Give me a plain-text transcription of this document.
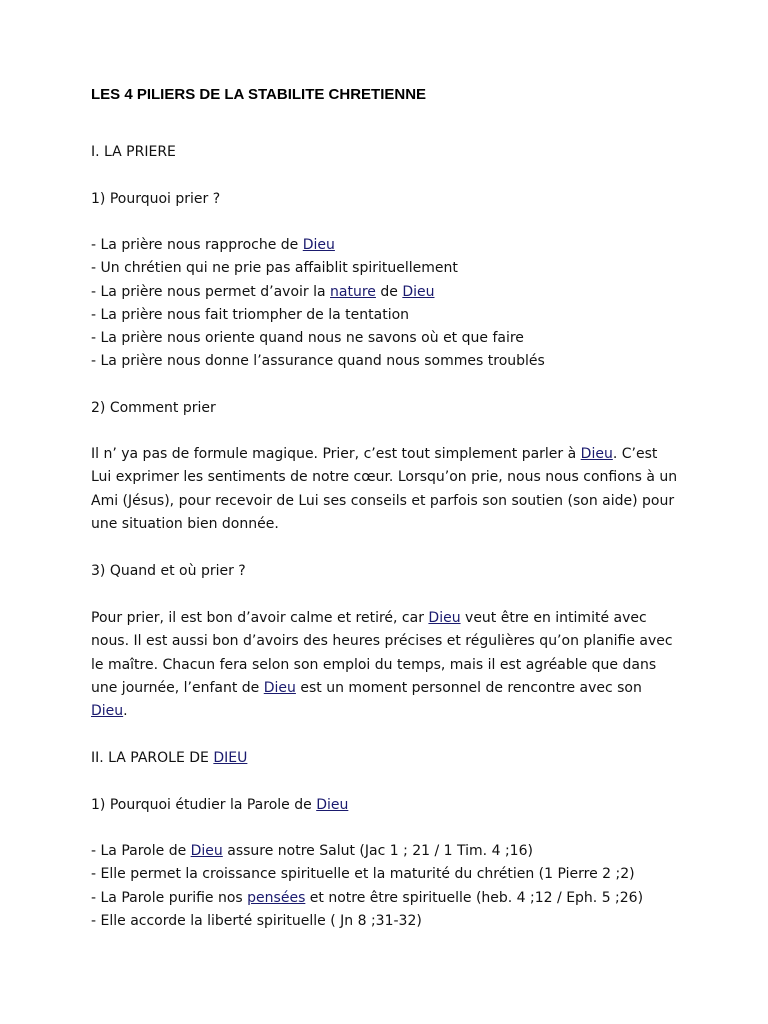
LES 4 PILIERS DE LA STABILITE CHRETIENNE
I. LA PRIERE
1) Pourquoi prier ?
- La prière nous rapproche de Dieu
- Un chrétien qui ne prie pas affaiblit spirituellement
- La prière nous permet d’avoir la nature de Dieu
- La prière nous fait triompher de la tentation
- La prière nous oriente quand nous ne savons où et que faire
- La prière nous donne l’assurance quand nous sommes troublés
2) Comment prier
Il n’ ya pas de formule magique. Prier, c’est tout simplement parler à Dieu. C’est Lui exprimer les sentiments de notre cœur. Lorsqu’on prie, nous nous confions à un Ami (Jésus), pour recevoir de Lui ses conseils et parfois son soutien (son aide) pour une situation bien donnée.
3) Quand et où prier ?
Pour prier, il est bon d’avoir calme et retiré, car Dieu veut être en intimité avec nous. Il est aussi bon d’avoirs des heures précises et régulières qu’on planifie avec le maître. Chacun fera selon son emploi du temps, mais il est agréable que dans une journée, l’enfant de Dieu est un moment personnel de rencontre avec son Dieu.
II. LA PAROLE DE DIEU
1) Pourquoi étudier la Parole de Dieu
- La Parole de Dieu assure notre Salut (Jac 1 ; 21 / 1 Tim. 4 ;16)
- Elle permet la croissance spirituelle et la maturité du chrétien (1 Pierre 2 ;2)
- La Parole purifie nos pensées et notre être spirituelle (heb. 4 ;12 / Eph. 5 ;26)
- Elle accorde la liberté spirituelle ( Jn 8 ;31-32)
